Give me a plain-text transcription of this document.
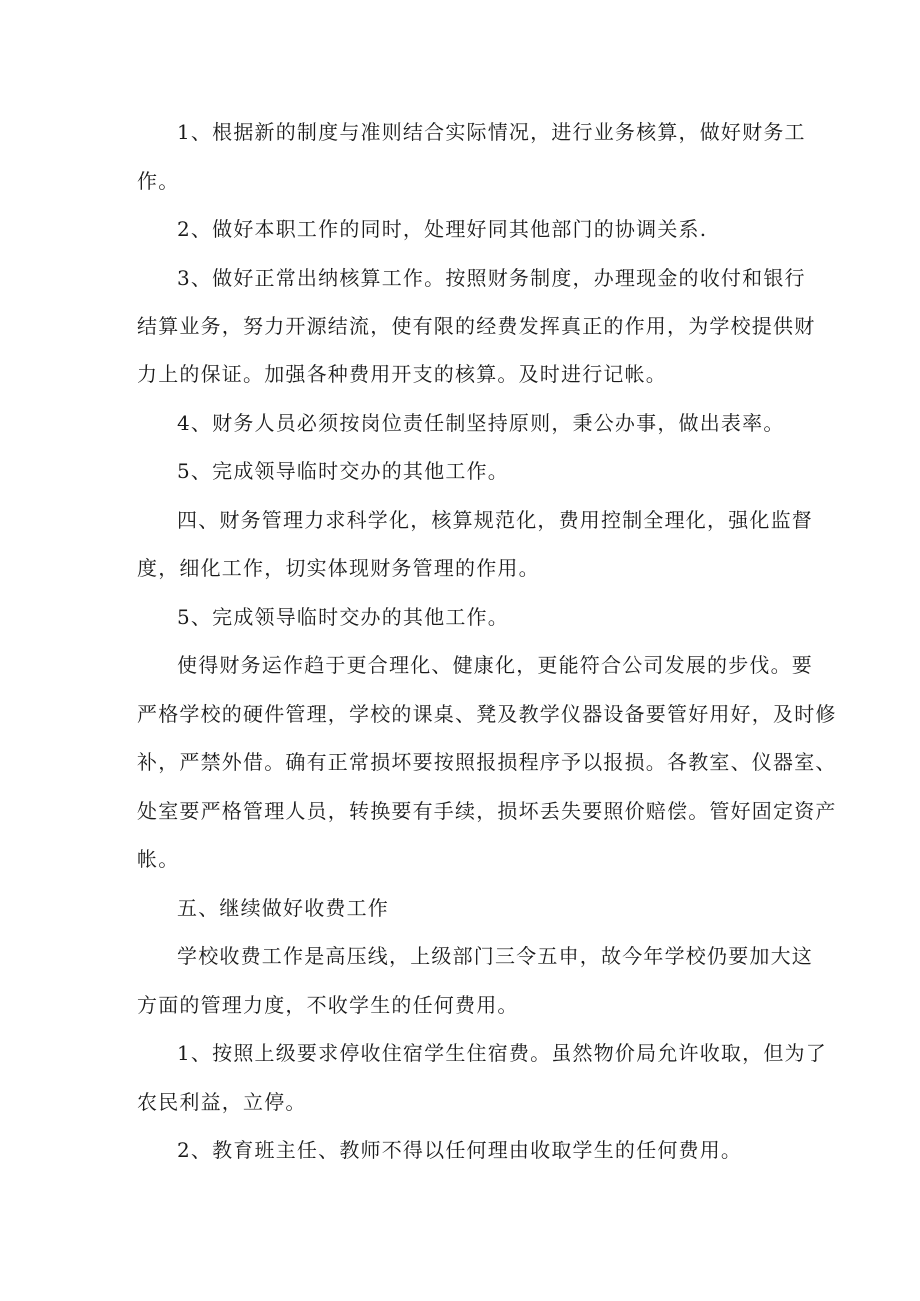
1、根据新的制度与准则结合实际情况，进行业务核算，做好财务工
作。
2、做好本职工作的同时，处理好同其他部门的协调关系.
3、做好正常出纳核算工作。按照财务制度，办理现金的收付和银行
结算业务，努力开源结流，使有限的经费发挥真正的作用，为学校提供财
力上的保证。加强各种费用开支的核算。及时进行记帐。
4、财务人员必须按岗位责任制坚持原则，秉公办事，做出表率。
5、完成领导临时交办的其他工作。
四、财务管理力求科学化，核算规范化，费用控制全理化，强化监督
度，细化工作，切实体现财务管理的作用。
5、完成领导临时交办的其他工作。
使得财务运作趋于更合理化、健康化，更能符合公司发展的步伐。要
严格学校的硬件管理，学校的课桌、凳及教学仪器设备要管好用好，及时修
补，严禁外借。确有正常损坏要按照报损程序予以报损。各教室、仪器室、
处室要严格管理人员，转换要有手续，损坏丢失要照价赔偿。管好固定资产
帐。
五、继续做好收费工作
学校收费工作是高压线，上级部门三令五申，故今年学校仍要加大这
方面的管理力度，不收学生的任何费用。
1、按照上级要求停收住宿学生住宿费。虽然物价局允许收取，但为了
农民利益，立停。
2、教育班主任、教师不得以任何理由收取学生的任何费用。
